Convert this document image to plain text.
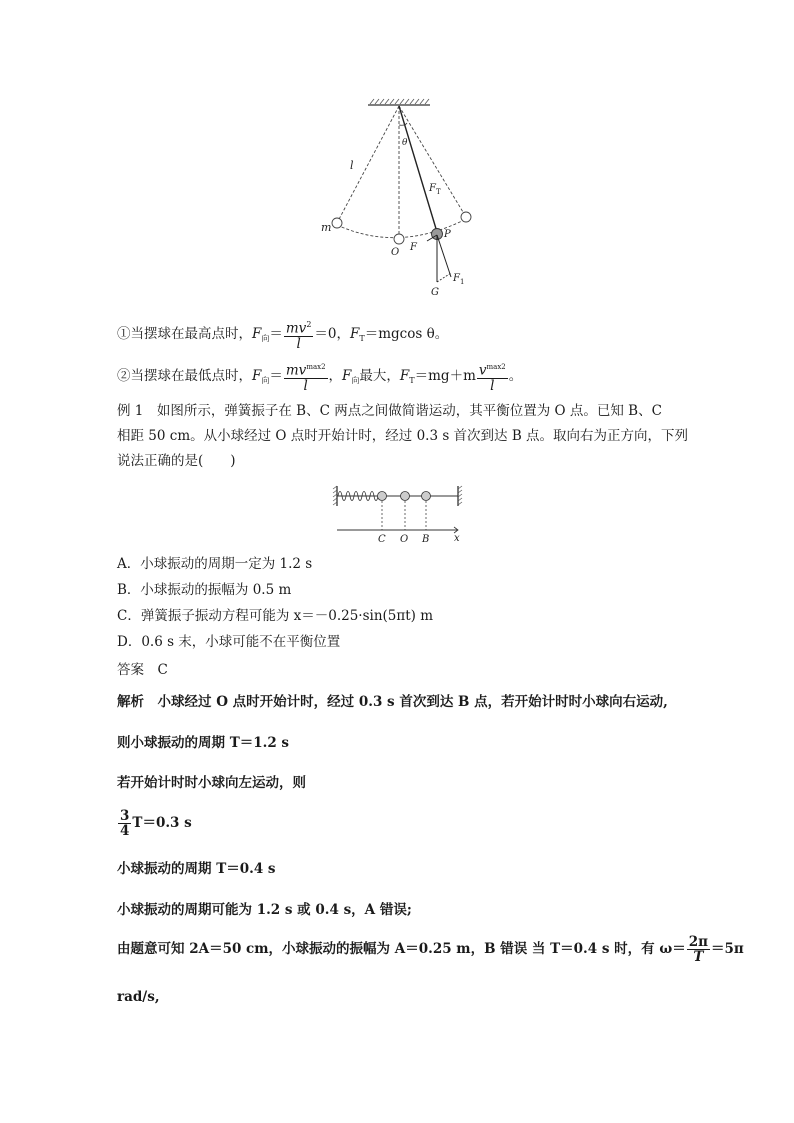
l
θ
F T
m
O F
P
F 1
G
①当摆球在最高点时，$F_向= \frac{mv^2}{l} =0$，$F_T=mgcos$ θ。
②当摆球在最低点时，$F_向= \frac{mv^{max2}}{l}$ ，$F_向$最大，$F_T=mg+m \frac{v^{max2}}{l}$ 。
例 1　如图所示，弹簧振子在 B、C 两点之间做简谐运动，其平衡位置为 O 点。已知 B、C
相距 50 cm。从小球经过 O 点时开始计时，经过 0.3 s 首次到达 B 点。取向右为正方向，下列
说法正确的是(　　)
C O B x
A．小球振动的周期一定为 1.2 s
B．小球振动的振幅为 0.5 m
C．弹簧振子振动方程可能为 x＝－0.25·sin(5πt) m
D．0.6 s 末，小球可能不在平衡位置
答案　C
解析　小球经过 O 点时开始计时，经过 0.3 s 首次到达 B 点，若开始计时时小球向右运动,
则小球振动的周期 T＝1.2 s
若开始计时时小球向左运动，则
$\frac{3}{4} T=0.3$ s
小球振动的周期 T＝0.4 s
小球振动的周期可能为 1.2 s 或 0.4 s，A 错误;
由题意可知 2A＝50 cm，小球振动的振幅为 A＝0.25 m，B 错误 当 T＝0.4 s 时，有 $\omega= \frac{2\pi}{T} =5\pi$
rad/s,
